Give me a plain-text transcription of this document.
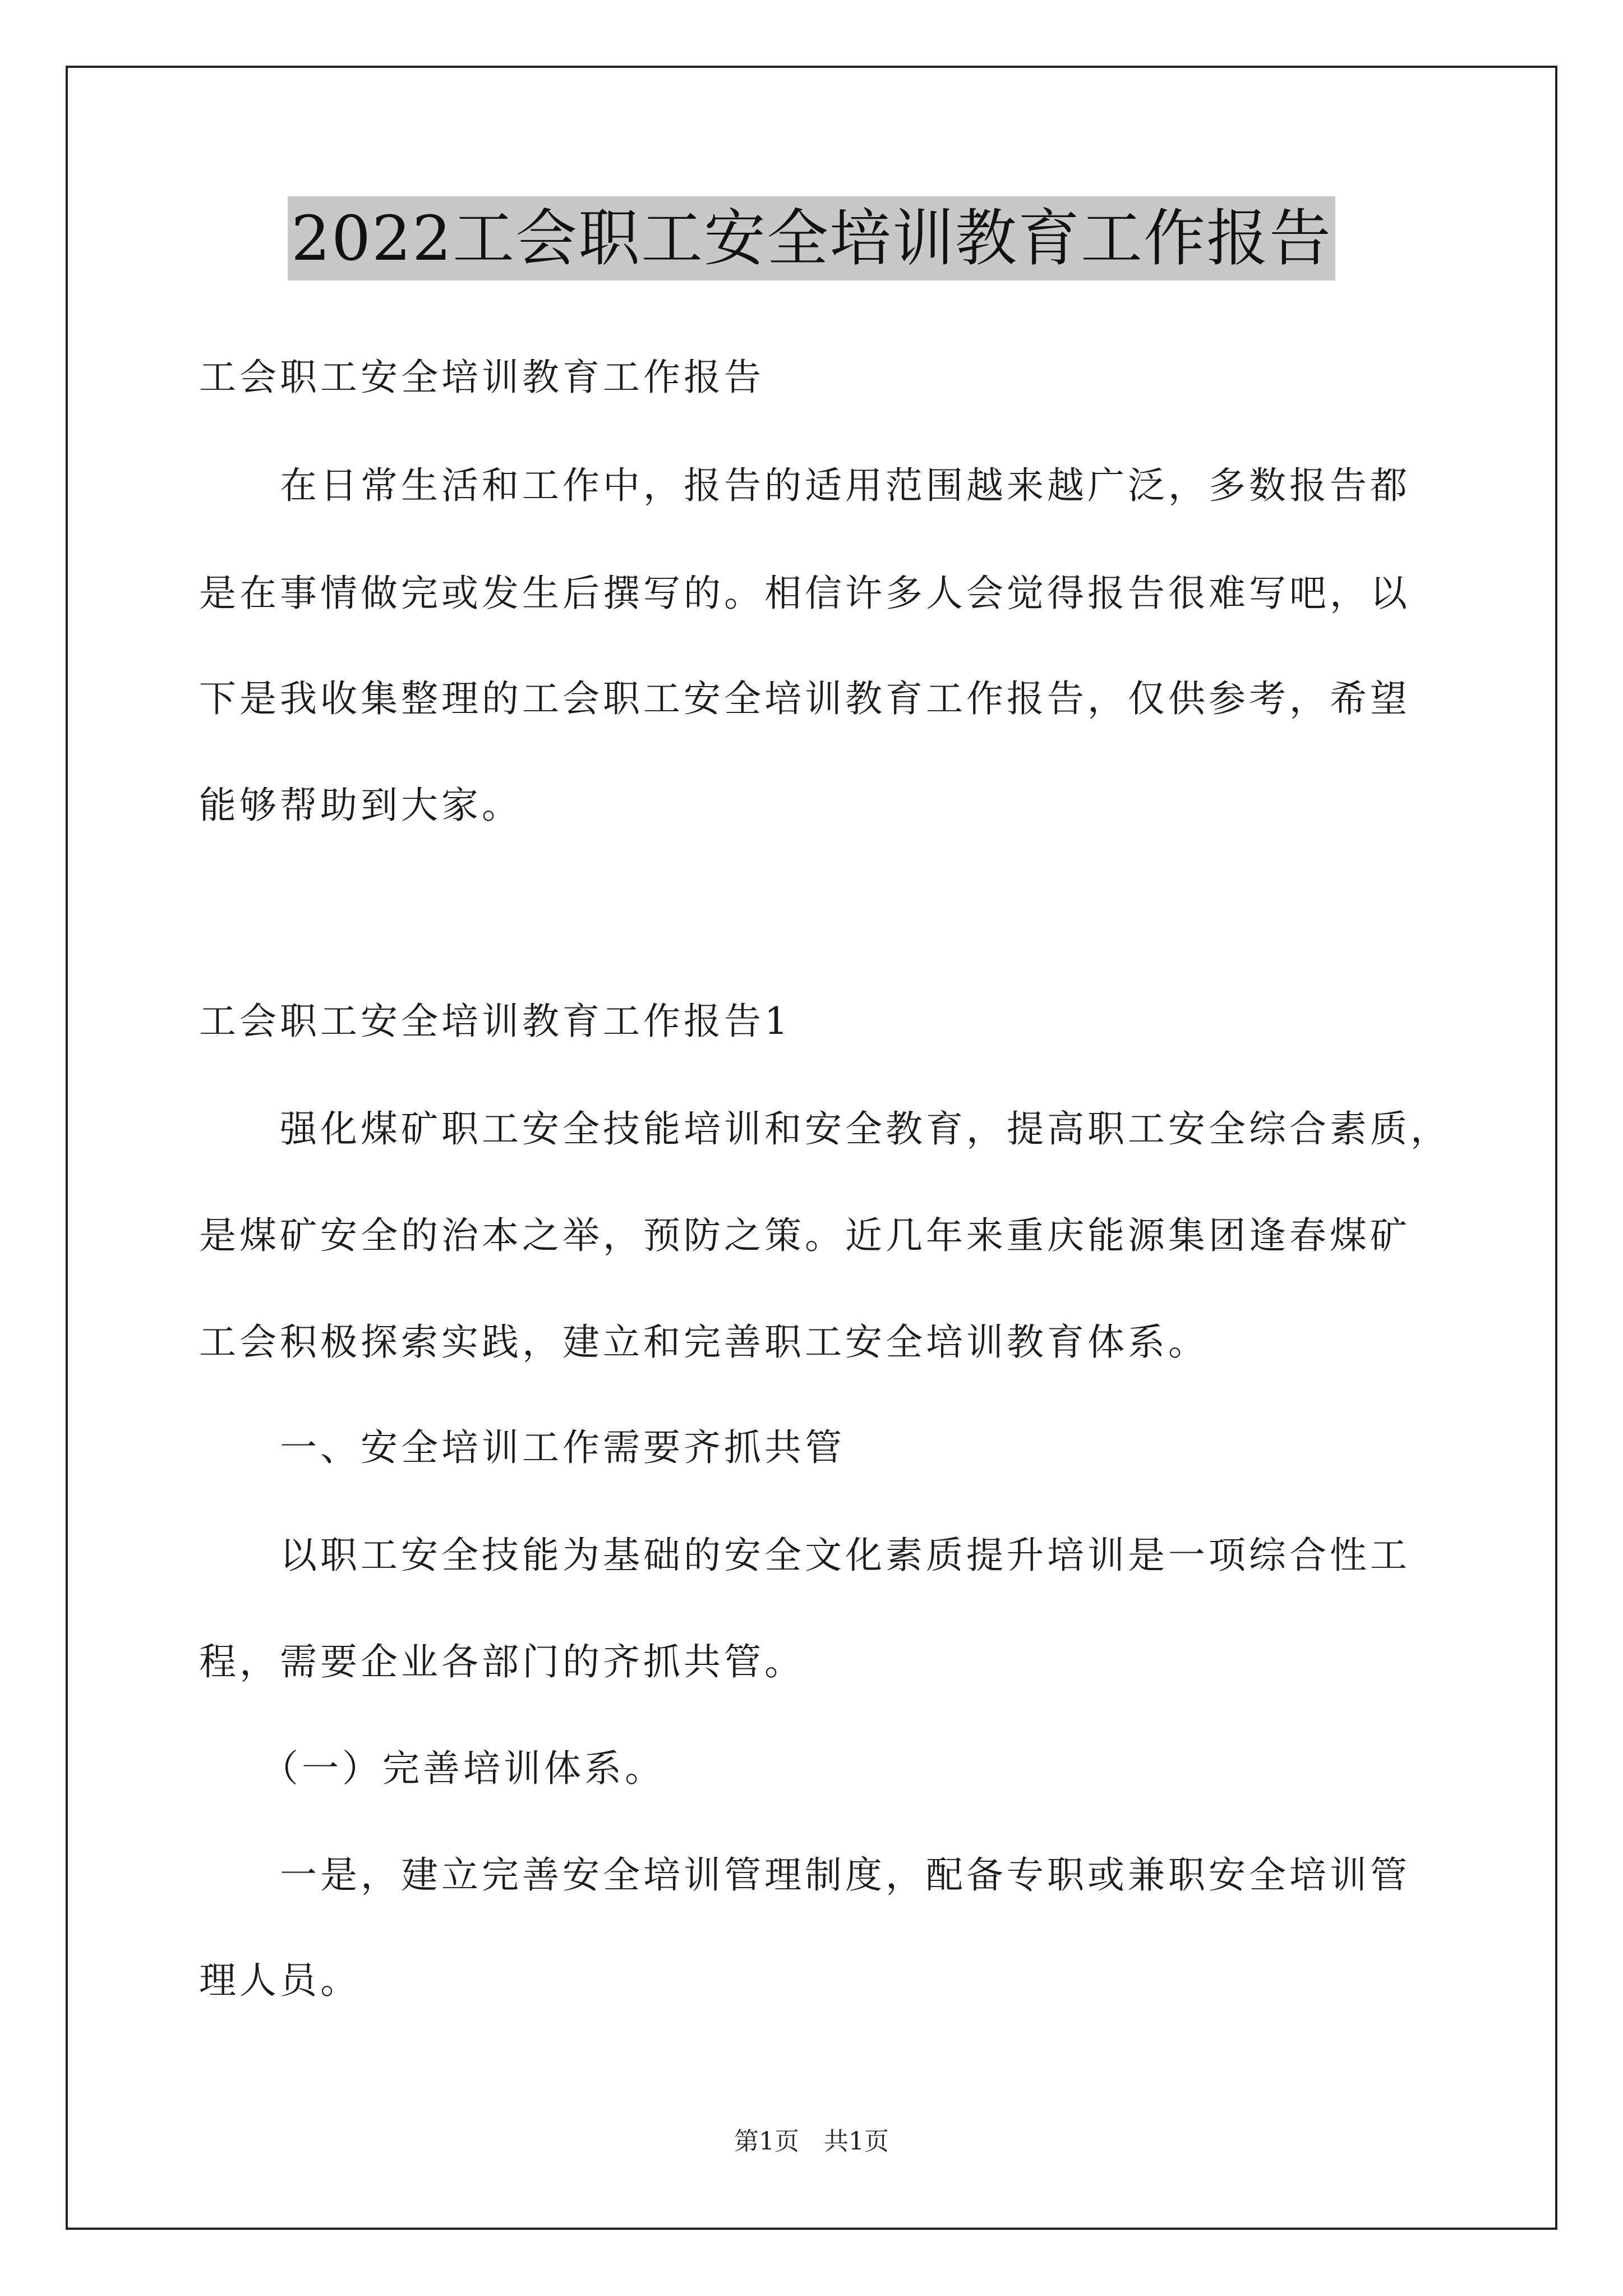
2022工会职工安全培训教育工作报告

工会职工安全培训教育工作报告

　　在日常生活和工作中，报告的适用范围越来越广泛，多数报告都

是在事情做完或发生后撰写的。相信许多人会觉得报告很难写吧，以

下是我收集整理的工会职工安全培训教育工作报告，仅供参考，希望

能够帮助到大家。

工会职工安全培训教育工作报告1

　　强化煤矿职工安全技能培训和安全教育，提高职工安全综合素质，

是煤矿安全的治本之举，预防之策。近几年来重庆能源集团逢春煤矿

工会积极探索实践，建立和完善职工安全培训教育体系。

　　一、安全培训工作需要齐抓共管

　　以职工安全技能为基础的安全文化素质提升培训是一项综合性工

程，需要企业各部门的齐抓共管。

　　（一）完善培训体系。

　　一是，建立完善安全培训管理制度，配备专职或兼职安全培训管

理人员。

第1页 共1页
